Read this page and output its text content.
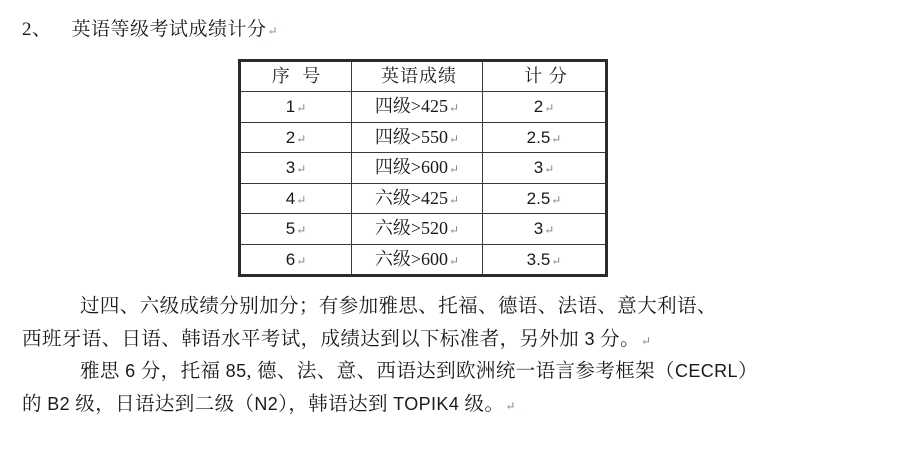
2、 英语等级考试成绩计分↵
序 号	英语成绩	计 分
1↵	四级>425↵	2↵
2↵	四级>550↵	2.5↵
3↵	四级>600↵	3↵
4↵	六级>425↵	2.5↵
5↵	六级>520↵	3↵
6↵	六级>600↵	3.5↵

过四、六级成绩分别加分；有参加雅思、托福、德语、法语、意大利语、

西班牙语、日语、韩语水平考试，成绩达到以下标准者，另外加 3 分。↵

雅思 6 分，托福 85, 德、法、意、西语达到欧洲统一语言参考框架（CECRL）

的 B2 级，日语达到二级（N2），韩语达到 TOPIK4 级。↵
